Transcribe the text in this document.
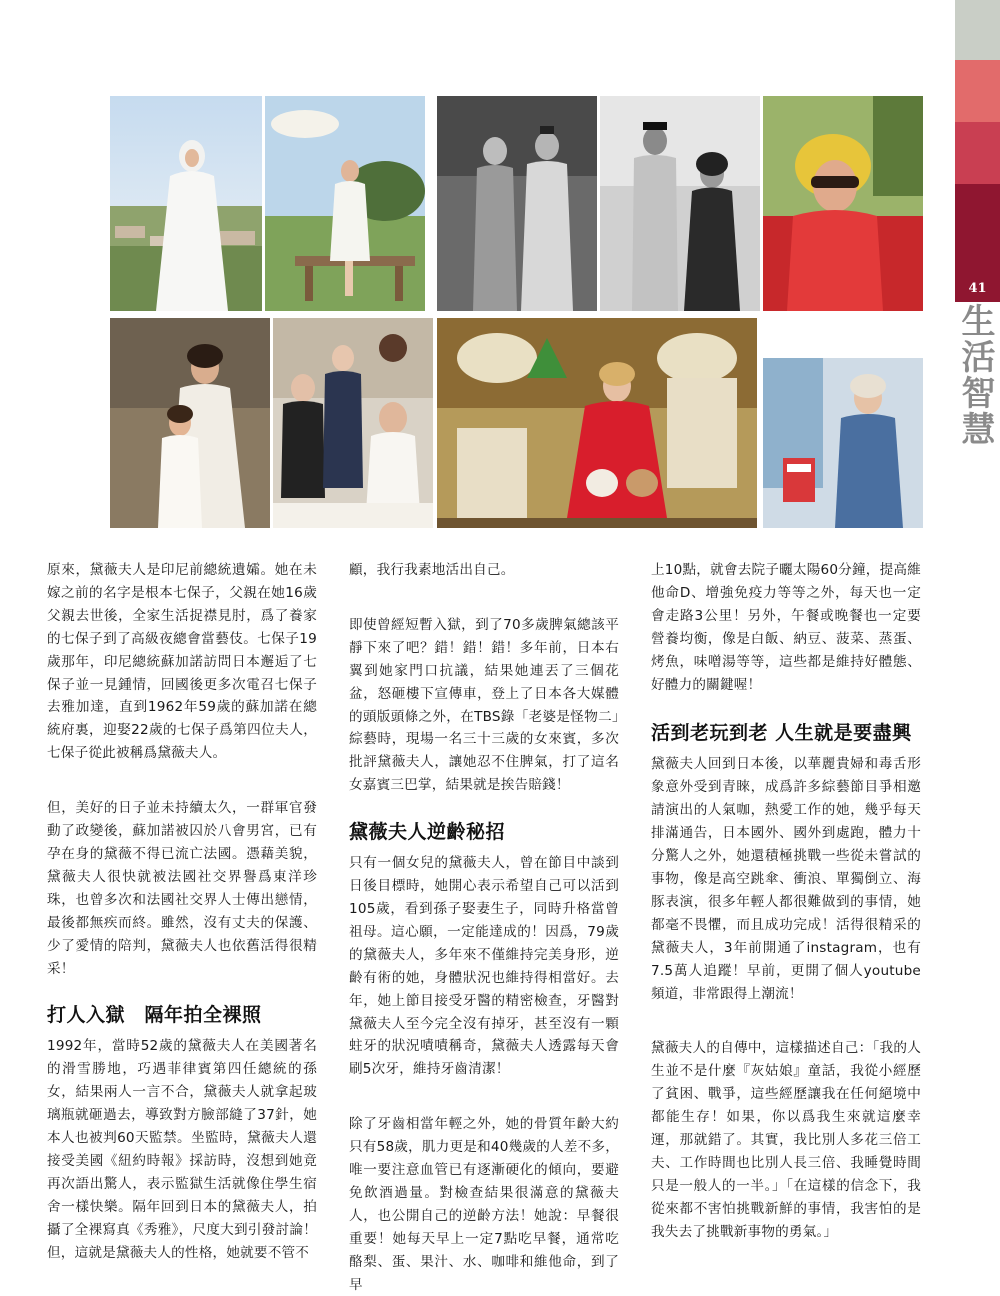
41
生活智慧

原來，黛薇夫人是印尼前總統遺孀。她在未嫁之前的名字是根本七保子，父親在她16歲父親去世後，全家生活捉襟見肘，爲了養家的七保子到了高級夜總會當藝伎。七保子19歲那年，印尼總統蘇加諾訪問日本邂逅了七保子並一見鍾情，回國後更多次電召七保子去雅加達，直到1962年59歲的蘇加諾在總統府裏，迎娶22歲的七保子爲第四位夫人，七保子從此被稱爲黛薇夫人。

但，美好的日子並未持續太久，一群軍官發動了政變後，蘇加諾被囚於八會男宮，已有孕在身的黛薇不得已流亡法國。憑藉美貌，黛薇夫人很快就被法國社交界譽爲東洋珍珠，也曾多次和法國社交界人士傳出戀情，最後都無疾而終。雖然，沒有丈夫的保護、少了愛情的陪判，黛薇夫人也依舊活得很精采！

打人入獄　隔年拍全裸照

1992年，當時52歲的黛薇夫人在美國著名的滑雪勝地，巧遇菲律賓第四任總統的孫女，結果兩人一言不合，黛薇夫人就拿起玻璃瓶就砸過去，導致對方臉部縫了37針，她本人也被判60天監禁。坐監時，黛薇夫人還接受美國《紐約時報》採訪時，沒想到她竟再次語出驚人，表示監獄生活就像住學生宿舍一樣快樂。隔年回到日本的黛薇夫人，拍攝了全裸寫真《秀雅》，尺度大到引發討論！但，這就是黛薇夫人的性格，她就要不管不

顧，我行我素地活出自己。

即使曾經短暫入獄，到了70多歲脾氣總該平靜下來了吧？錯！錯！錯！多年前，日本右翼到她家門口抗議，結果她連丟了三個花盆，怒砸樓下宣傳車，登上了日本各大媒體的頭版頭條之外，在TBS錄「老婆是怪物二」綜藝時，現場一名三十三歲的女來賓，多次批評黛薇夫人，讓她忍不住脾氣，打了這名女嘉賓三巴掌，結果就是挨告賠錢！

黛薇夫人逆齡秘招

只有一個女兒的黛薇夫人，曾在節目中談到日後目標時，她開心表示希望自己可以活到105歲，看到孫子娶妻生子，同時升格當曾祖母。這心願，一定能達成的！因爲，79歲的黛薇夫人，多年來不僅維持完美身形，逆齡有術的她，身體狀況也維持得相當好。去年，她上節目接受牙醫的精密檢查，牙醫對黛薇夫人至今完全沒有掉牙，甚至沒有一顆蛀牙的狀況嘖嘖稱奇，黛薇夫人透露每天會刷5次牙，維持牙齒清潔！

除了牙齒相當年輕之外，她的骨質年齡大約只有58歲，肌力更是和40幾歲的人差不多，唯一要注意血管已有逐漸硬化的傾向，要避免飲酒過量。對檢查結果很滿意的黛薇夫人，也公開自己的逆齡方法！她說：早餐很重要！她每天早上一定7點吃早餐，通常吃酪梨、蛋、果汁、水、咖啡和維他命，到了早

上10點，就會去院子曬太陽60分鐘，提高維他命D、增強免疫力等等之外，每天也一定會走路3公里！另外，午餐或晚餐也一定要營養均衡，像是白飯、納豆、菠菜、蒸蛋、烤魚，味噌湯等等，這些都是維持好體態、好體力的關鍵喔！

活到老玩到老 人生就是要盡興

黛薇夫人回到日本後，以華麗貴婦和毒舌形象意外受到青睞，成爲許多綜藝節目爭相邀請演出的人氣咖，熱愛工作的她，幾乎每天排滿通告，日本國外、國外到處跑，體力十分驚人之外，她還積極挑戰一些從未嘗試的事物，像是高空跳傘、衝浪、單獨倒立、海豚表演，很多年輕人都很難做到的事情，她都毫不畏懼，而且成功完成！活得很精采的黛薇夫人，3年前開通了instagram，也有7.5萬人追蹤！早前，更開了個人youtube頻道，非常跟得上潮流！

黛薇夫人的自傳中，這樣描述自己：「我的人生並不是什麼『灰姑娘』童話，我從小經歷了貧困、戰爭，這些經歷讓我在任何絕境中都能生存！如果，你以爲我生來就這麼幸運，那就錯了。其實，我比別人多花三倍工夫、工作時間也比別人長三倍、我睡覺時間只是一般人的一半。」「在這樣的信念下，我從來都不害怕挑戰新鮮的事情，我害怕的是我失去了挑戰新事物的勇氣。」
